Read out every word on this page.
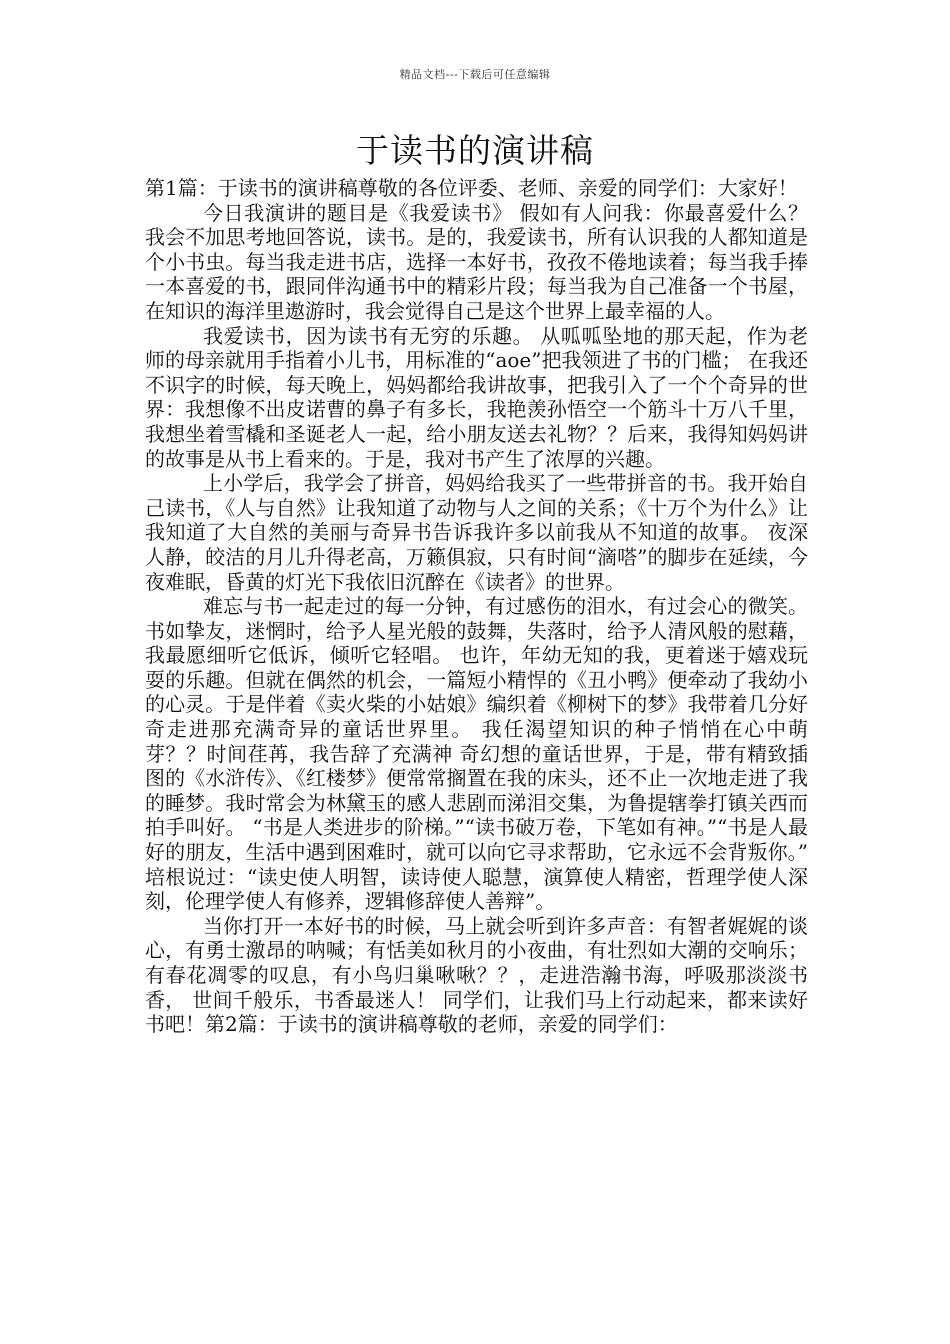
精品文档---下载后可任意编辑
于读书的演讲稿

第1篇：于读书的演讲稿尊敬的各位评委、老师、亲爱的同学们：大家好！

今日我演讲的题目是《我爱读书》 假如有人问我：你最喜爱什么？我会不加思考地回答说，读书。是的，我爱读书，所有认识我的人都知道是个小书虫。每当我走进书店，选择一本好书，孜孜不倦地读着；每当我手捧一本喜爱的书，跟同伴沟通书中的精彩片段；每当我为自己准备一个书屋，在知识的海洋里遨游时，我会觉得自己是这个世界上最幸福的人。

我爱读书，因为读书有无穷的乐趣。 从呱呱坠地的那天起，作为老师的母亲就用手指着小儿书，用标准的“aoe”把我领进了书的门槛； 在我还不识字的时候，每天晚上，妈妈都给我讲故事，把我引入了一个个奇异的世界：我想像不出皮诺曹的鼻子有多长，我艳羡孙悟空一个筋斗十万八千里，我想坐着雪橇和圣诞老人一起，给小朋友送去礼物？？后来，我得知妈妈讲的故事是从书上看来的。于是，我对书产生了浓厚的兴趣。

上小学后，我学会了拼音，妈妈给我买了一些带拼音的书。我开始自己读书，《人与自然》让我知道了动物与人之间的关系；《十万个为什么》让我知道了大自然的美丽与奇异书告诉我许多以前我从不知道的故事。 夜深人静，皎洁的月儿升得老高，万籁俱寂，只有时间“滴嗒”的脚步在延续，今夜难眠，昏黄的灯光下我依旧沉醉在《读者》的世界。

难忘与书一起走过的每一分钟，有过感伤的泪水，有过会心的微笑。书如挚友，迷惘时，给予人星光般的鼓舞，失落时，给予人清风般的慰藉，我最愿细听它低诉，倾听它轻唱。 也许，年幼无知的我，更着迷于嬉戏玩耍的乐趣。但就在偶然的机会，一篇短小精悍的《丑小鸭》便牵动了我幼小的心灵。于是伴着《卖火柴的小姑娘》编织着《柳树下的梦》我带着几分好奇走进那充满奇异的童话世界里。 我任渴望知识的种子悄悄在心中萌芽？？时间荏苒，我告辞了充满神 奇幻想的童话世界，于是，带有精致插图的《水浒传》、《红楼梦》便常常搁置在我的床头，还不止一次地走进了我的睡梦。我时常会为林黛玉的感人悲剧而涕泪交集，为鲁提辖拳打镇关西而拍手叫好。 “书是人类进步的阶梯。”“读书破万卷，下笔如有神。”“书是人最好的朋友，生活中遇到困难时，就可以向它寻求帮助，它永远不会背叛你。” 培根说过：“读史使人明智，读诗使人聪慧，演算使人精密，哲理学使人深刻，伦理学使人有修养，逻辑修辞使人善辩”。

当你打开一本好书的时候，马上就会听到许多声音：有智者娓娓的谈心，有勇士激昂的呐喊；有恬美如秋月的小夜曲，有壮烈如大潮的交响乐；有春花凋零的叹息，有小鸟归巢啾啾？？，走进浩瀚书海，呼吸那淡淡书香， 世间千般乐，书香最迷人！ 同学们，让我们马上行动起来，都来读好书吧！第2篇：于读书的演讲稿尊敬的老师，亲爱的同学们：
